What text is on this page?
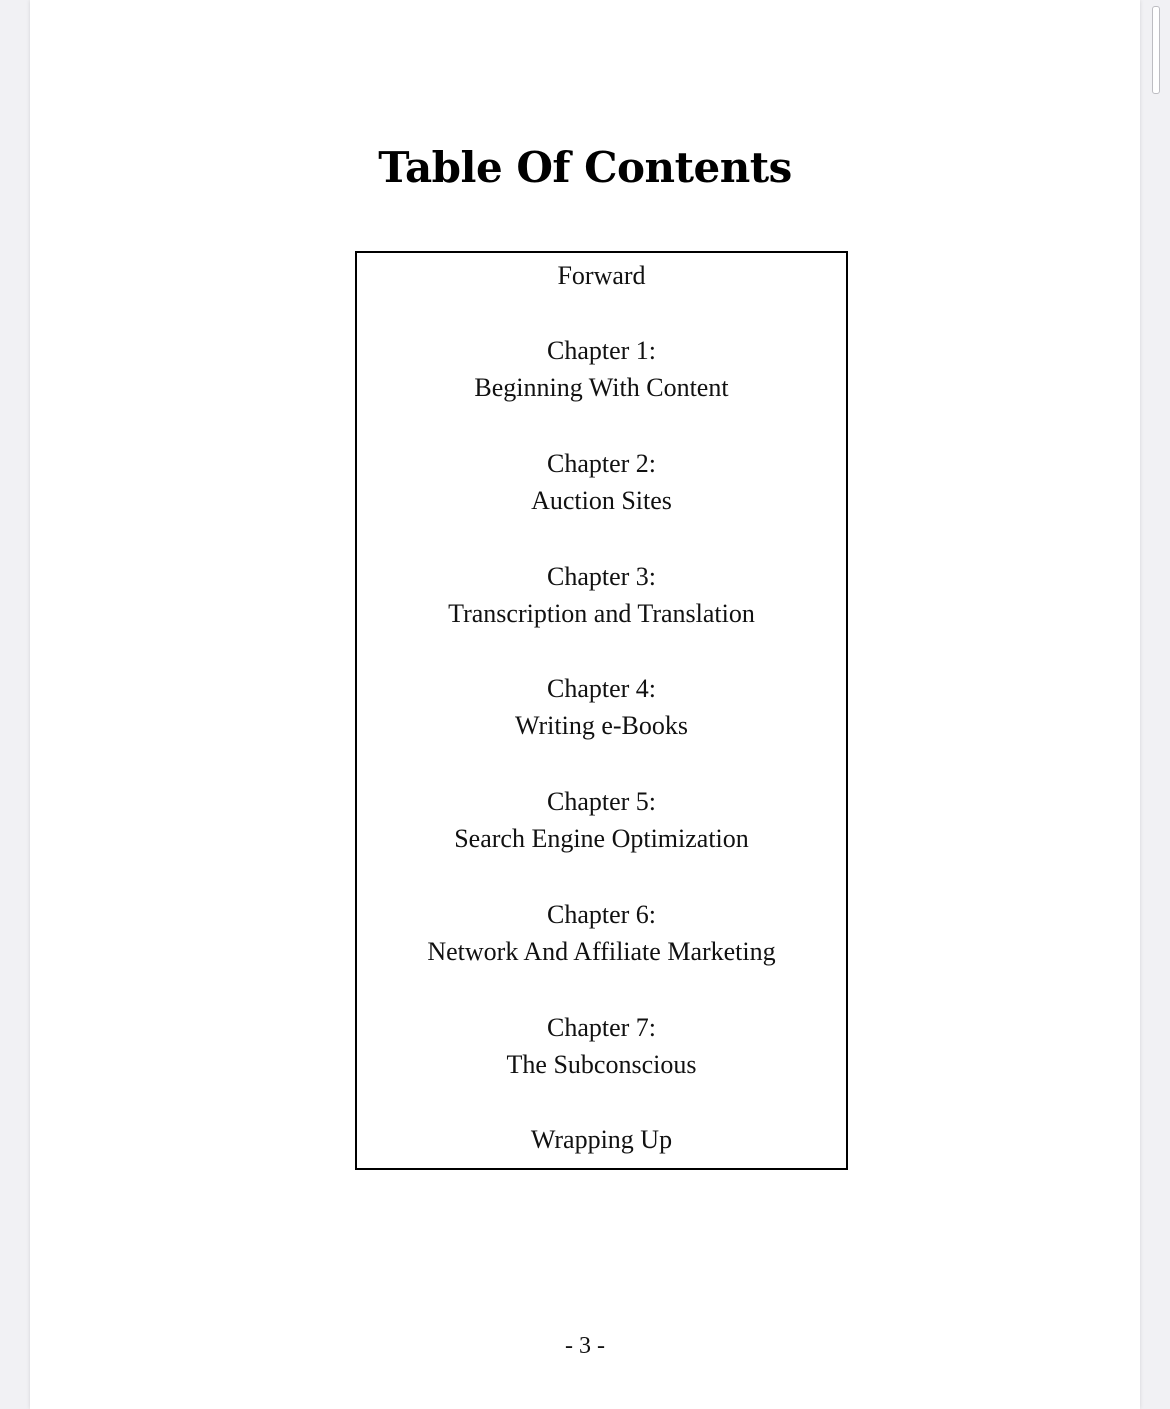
Table Of Contents
Forward
Chapter 1:
Beginning With Content
Chapter 2:
Auction Sites
Chapter 3:
Transcription and Translation
Chapter 4:
Writing e-Books
Chapter 5:
Search Engine Optimization
Chapter 6:
Network And Affiliate Marketing
Chapter 7:
The Subconscious
Wrapping Up
- 3 -
